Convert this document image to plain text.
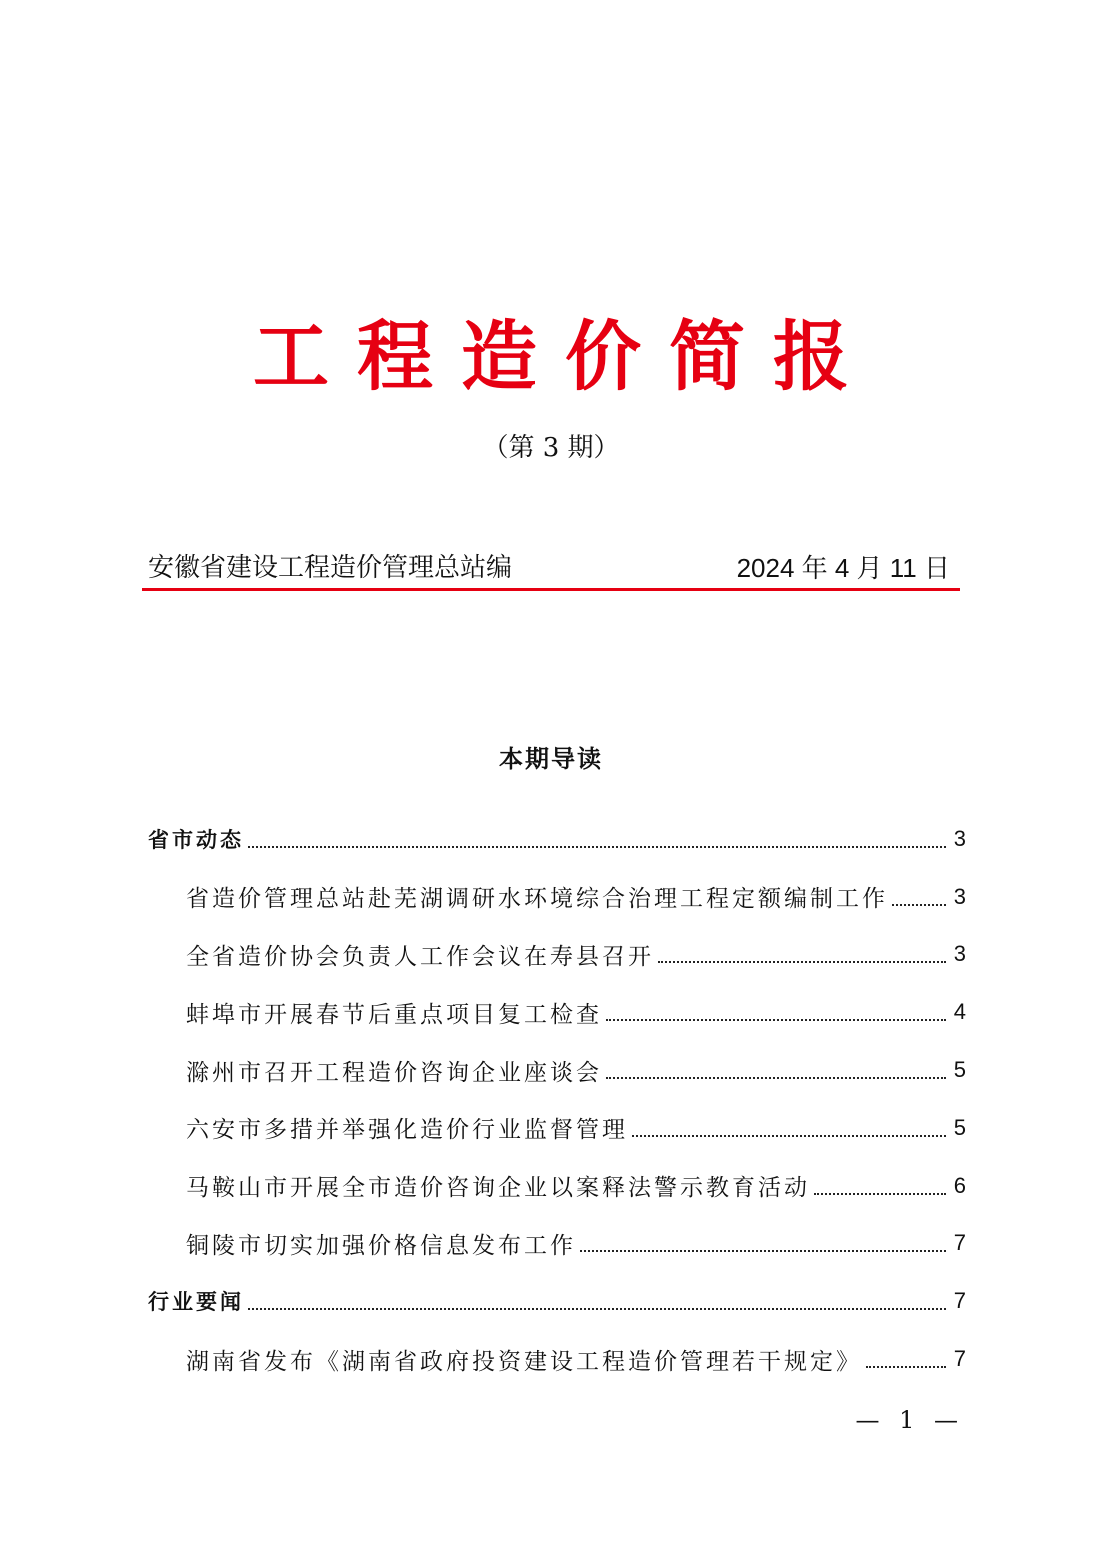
工程造价简报
（第 3 期）
安徽省建设工程造价管理总站编	2024 年 4 月 11 日
本期导读
省市动态	3
省造价管理总站赴芜湖调研水环境综合治理工程定额编制工作	3
全省造价协会负责人工作会议在寿县召开	3
蚌埠市开展春节后重点项目复工检查	4
滁州市召开工程造价咨询企业座谈会	5
六安市多措并举强化造价行业监督管理	5
马鞍山市开展全市造价咨询企业以案释法警示教育活动	6
铜陵市切实加强价格信息发布工作	7
行业要闻	7
湖南省发布《湖南省政府投资建设工程造价管理若干规定》	7
— 1 —
